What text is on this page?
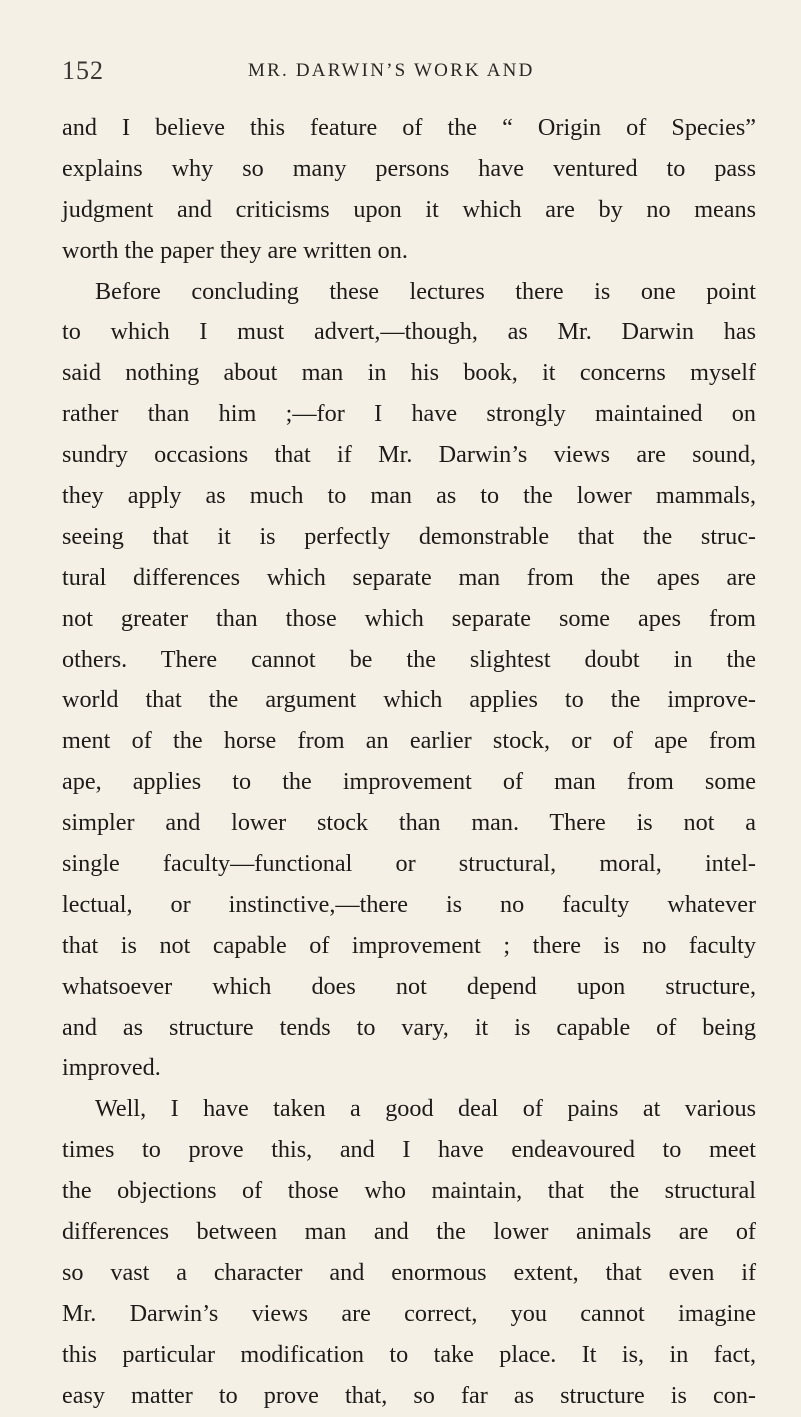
152	MR. DARWIN’S WORK AND
and I believe this feature of the “ Origin of Species”
explains why so many persons have ventured to pass
judgment and criticisms upon it which are by no means
worth the paper they are written on.
Before concluding these lectures there is one point
to which I must advert,—though, as Mr. Darwin has
said nothing about man in his book, it concerns myself
rather than him ;—for I have strongly maintained on
sundry occasions that if Mr. Darwin’s views are sound,
they apply as much to man as to the lower mammals,
seeing that it is perfectly demonstrable that the struc-
tural differences which separate man from the apes are
not greater than those which separate some apes from
others. There cannot be the slightest doubt in the
world that the argument which applies to the improve-
ment of the horse from an earlier stock, or of ape from
ape, applies to the improvement of man from some
simpler and lower stock than man. There is not a
single faculty—functional or structural, moral, intel-
lectual, or instinctive,—there is no faculty whatever
that is not capable of improvement ; there is no faculty
whatsoever which does not depend upon structure,
and as structure tends to vary, it is capable of being
improved.
Well, I have taken a good deal of pains at various
times to prove this, and I have endeavoured to meet
the objections of those who maintain, that the structural
differences between man and the lower animals are of
so vast a character and enormous extent, that even if
Mr. Darwin’s views are correct, you cannot imagine
this particular modification to take place. It is, in fact,
easy matter to prove that, so far as structure is con-
